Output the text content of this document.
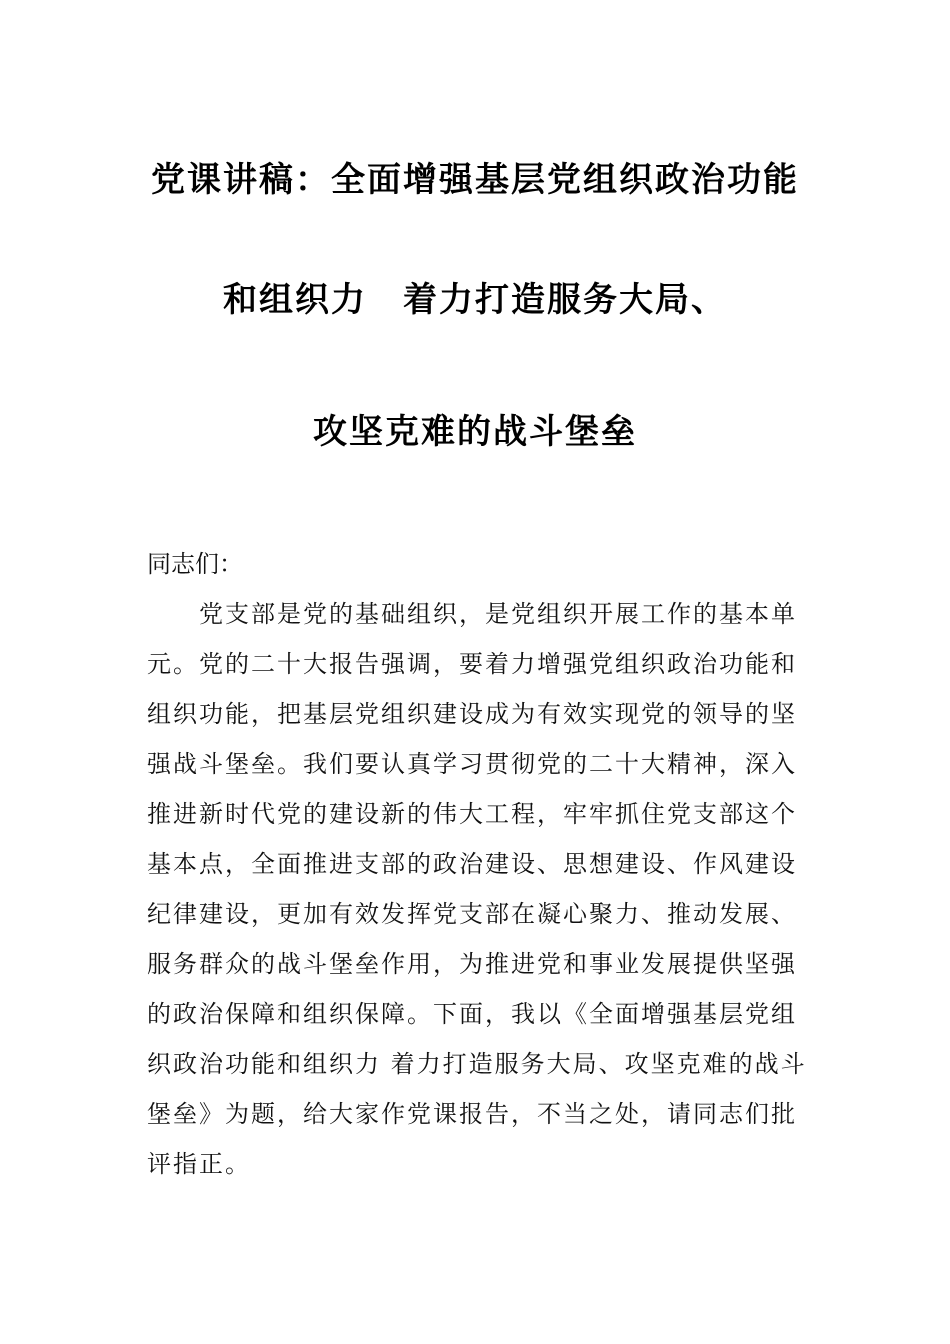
党课讲稿：全面增强基层党组织政治功能
和组织力　着力打造服务大局、
攻坚克难的战斗堡垒
同志们：
　　党支部是党的基础组织，是党组织开展工作的基本单
元。党的二十大报告强调，要着力增强党组织政治功能和
组织功能，把基层党组织建设成为有效实现党的领导的坚
强战斗堡垒。我们要认真学习贯彻党的二十大精神，深入
推进新时代党的建设新的伟大工程，牢牢抓住党支部这个
基本点，全面推进支部的政治建设、思想建设、作风建设
纪律建设，更加有效发挥党支部在凝心聚力、推动发展、
服务群众的战斗堡垒作用，为推进党和事业发展提供坚强
的政治保障和组织保障。下面，我以《全面增强基层党组
织政治功能和组织力 着力打造服务大局、攻坚克难的战斗
堡垒》为题，给大家作党课报告，不当之处，请同志们批
评指正。
